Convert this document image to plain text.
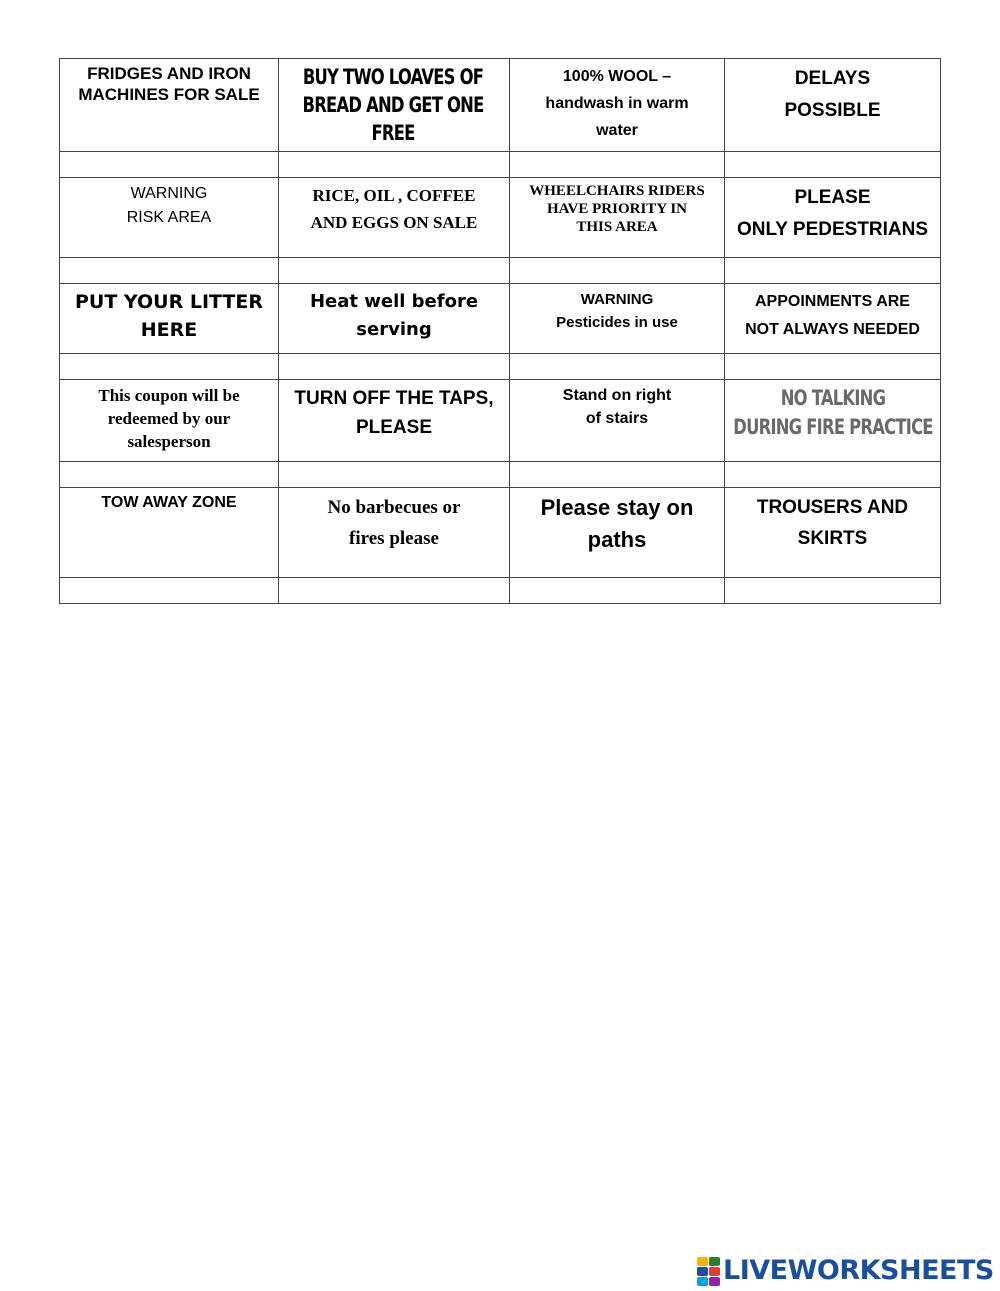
FRIDGES AND IRON
MACHINES FOR SALE	BUY TWO LOAVES OF
BREAD AND GET ONE FREE	100% WOOL –
handwash in warm
water	DELAYS
POSSIBLE

WARNING
RISK AREA	RICE, OIL , COFFEE
AND EGGS ON SALE	WHEELCHAIRS RIDERS
HAVE PRIORITY IN
THIS AREA	PLEASE
ONLY PEDESTRIANS

PUT YOUR LITTER
HERE	Heat well before
serving	WARNING
Pesticides in use	APPOINMENTS ARE
NOT ALWAYS NEEDED

This coupon will be
redeemed by our
salesperson	TURN OFF THE TAPS,
PLEASE	Stand on right
of stairs	NO TALKING
DURING FIRE PRACTICE

TOW AWAY ZONE	No barbecues or
fires please	Please stay on
paths	TROUSERS AND
SKIRTS

LIVEWORKSHEETS
